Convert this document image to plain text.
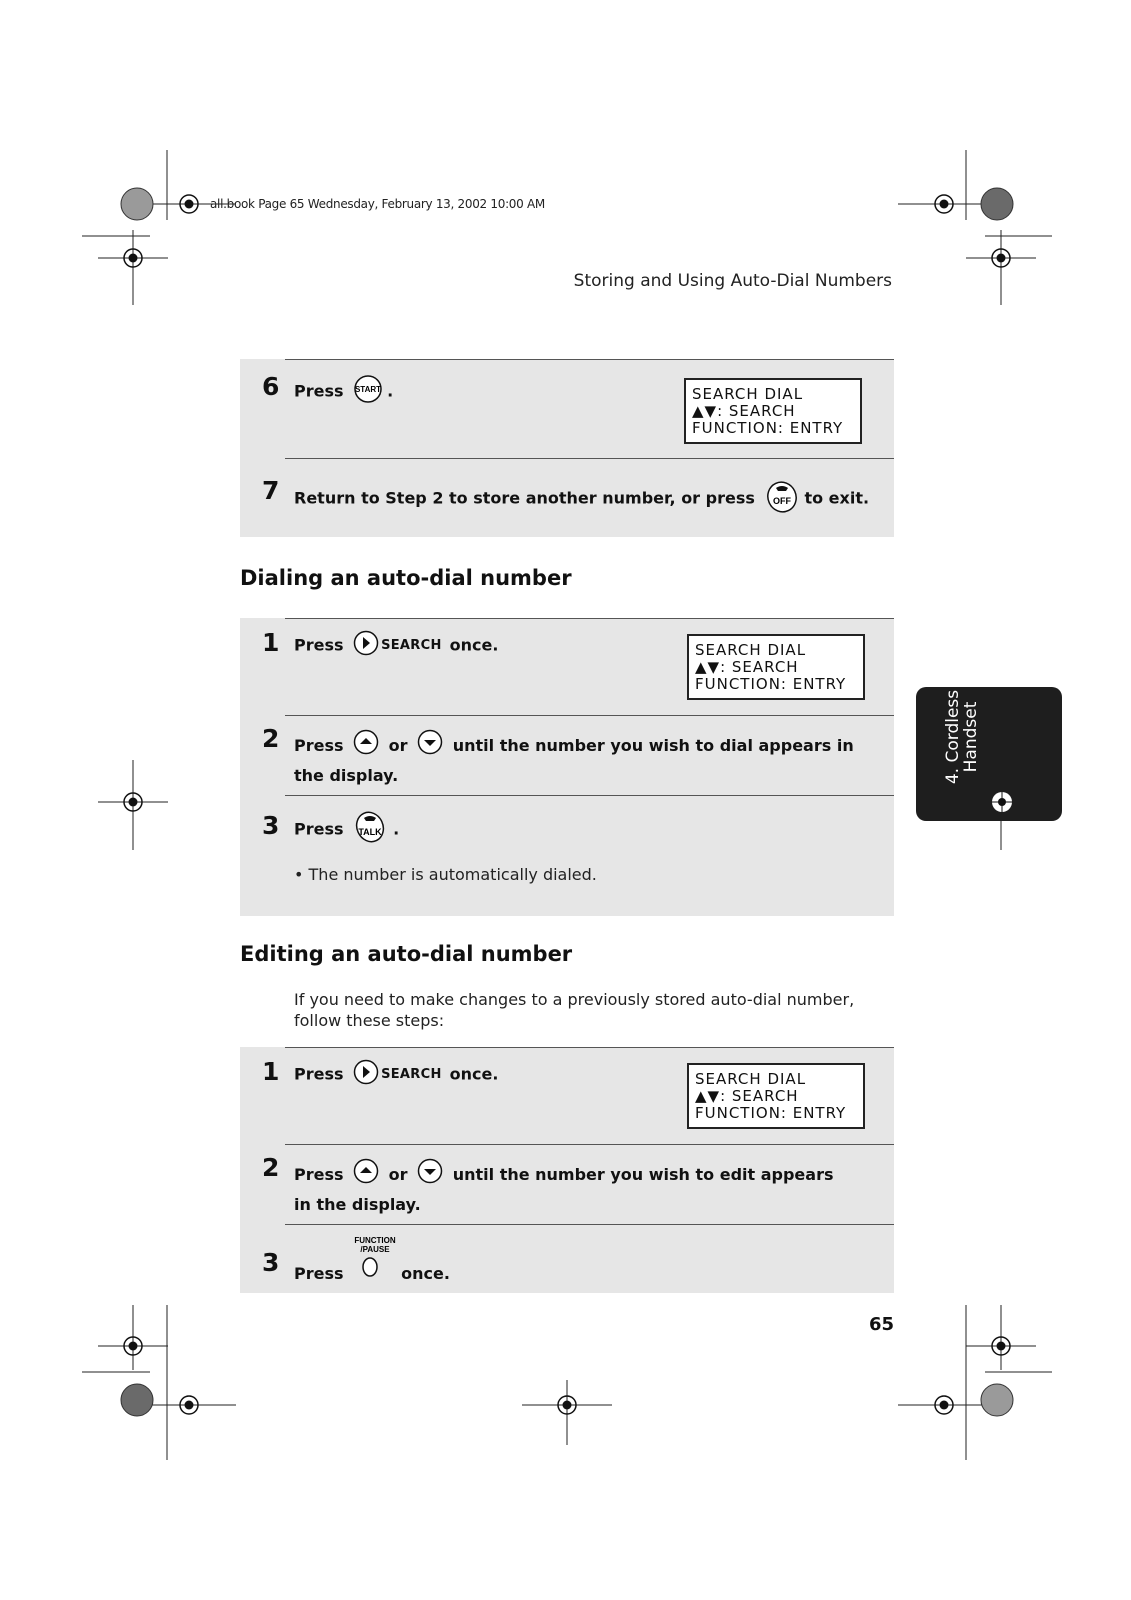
all.book Page 65 Wednesday, February 13, 2002 10:00 AM
Storing and Using Auto-Dial Numbers
6 Press START .	SEARCH DIAL
▲▼: SEARCH
FUNCTION: ENTRY
7 Return to Step 2 to store another number, or press OFF to exit.
Dialing an auto-dial number
1 Press	SEARCH once.	SEARCH DIAL
▲▼: SEARCH
FUNCTION: ENTRY
2 Press	or	until the number you wish to dial appears in the display.
3 Press TALK .
• The number is automatically dialed.
Editing an auto-dial number
If you need to make changes to a previously stored auto-dial number, follow these steps:
1 Press	SEARCH once.	SEARCH DIAL
▲▼: SEARCH
FUNCTION: ENTRY
2 Press	or	until the number you wish to edit appears in the display.
3 Press
FUNCTION
/PAUSE
once.
4. Cordless
Handset
65
